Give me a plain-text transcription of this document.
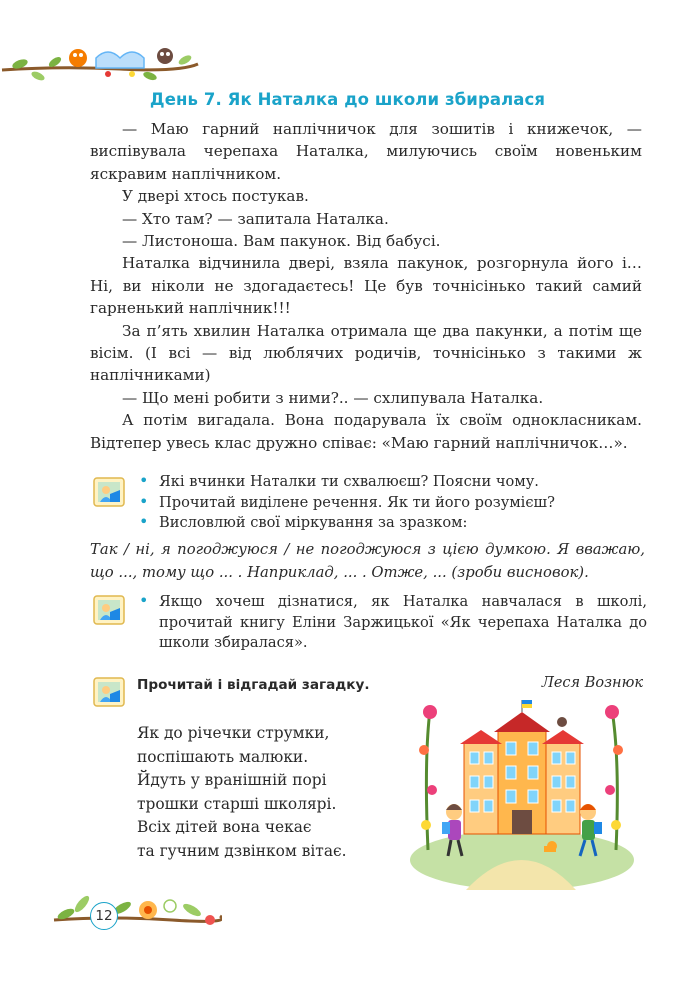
День 7. Як Наталка до школи збиралася

— Маю гарний наплічничок для зошитів і книжечок, — виспівувала черепаха Наталка, милуючись своїм новеньким яскравим наплічником.

У двері хтось постукав.

— Хто там? — запитала Наталка.

— Листоноша. Вам пакунок. Від бабусі.

Наталка відчинила двері, взяла пакунок, розгорнула його і… Ні, ви ніколи не здогадаєтесь! Це був точнісінько такий самий гарненький наплічник!!!

За п’ять хвилин Наталка отримала ще два пакунки, а потім ще вісім. (І всі — від люблячих родичів, точнісінько з такими ж наплічниками)

— Що мені робити з ними?.. — схлипувала Наталка.

А потім вигадала. Вона подарувала їх своїм однокласникам. Відтепер увесь клас дружно співає: «Маю гарний наплічничок…».

• Які вчинки Наталки ти схвалюєш? Поясни чому.
• Прочитай виділене речення. Як ти його розумієш?
• Висловлюй свої міркування за зразком:
Так / ні, я погоджуюся / не погоджуюся з цією думкою. Я вважаю, що ..., тому що ... . Наприклад, ... . Отже, ... (зроби висновок).
• Якщо хочеш дізнатися, як Наталка навчалася в школі, прочитай книгу Еліни Заржицької «Як черепаха Наталка до школи збиралася».
Прочитай і відгадай загадку.	Леся Вознюк
Як до річечки струмки,
поспішають малюки.
Йдуть у вранішній порі
трошки старші школярі.
Всіх дітей вона чекає
та гучним дзвінком вітає.
12
